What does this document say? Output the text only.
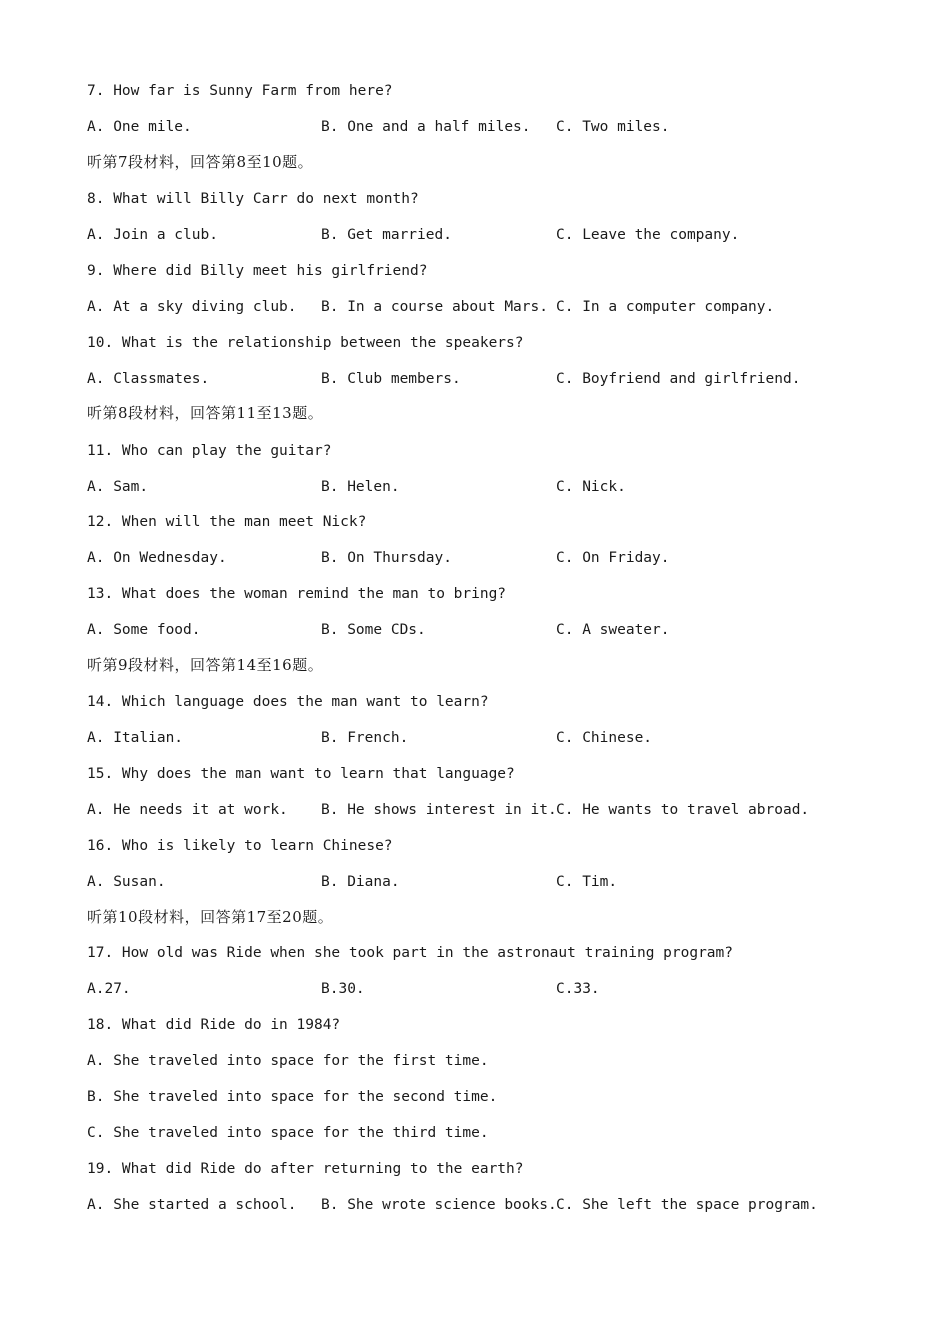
7. How far is Sunny Farm from here?

A. One mile.

	B. One and a half miles.

C. Two miles.

听第7段材料，回答第8至10题。
8. What will Billy Carr do next month?

A. Join a club.

	B. Get married.

	C. Leave the company.

9. Where did Billy meet his girlfriend?

A. At a sky diving club.

B. In a course about Mars.

C. In a computer company.

10. What is the relationship between the speakers?

A. Classmates.

	B. Club members.

	C. Boyfriend and girlfriend.

听第8段材料，回答第11至13题。
11. Who can play the guitar?

A. Sam.

	B. Helen.

	C. Nick.

12. When will the man meet Nick?

A. On Wednesday.

	B. On Thursday.

	C. On Friday.

13. What does the woman remind the man to bring?

A. Some food.

	B. Some CDs.

	C. A sweater.

听第9段材料，回答第14至16题。
14. Which language does the man want to learn?

A. Italian.

	B. French.

	C. Chinese.

15. Why does the man want to learn that language?

A. He needs it at work.

B. He shows interest in it.

C. He wants to travel abroad.

16. Who is likely to learn Chinese?

A. Susan.

	B. Diana.

	C. Tim.

听第10段材料，回答第17至20题。
17. How old was Ride when she took part in the astronaut training program?

A.27.

	B.30.

	C.33.

18. What did Ride do in 1984?
A. She traveled into space for the first time.
B. She traveled into space for the second time.
C. She traveled into space for the third time.
19. What did Ride do after returning to the earth?

A. She started a school.

B. She wrote science books.

C. She left the space program.
